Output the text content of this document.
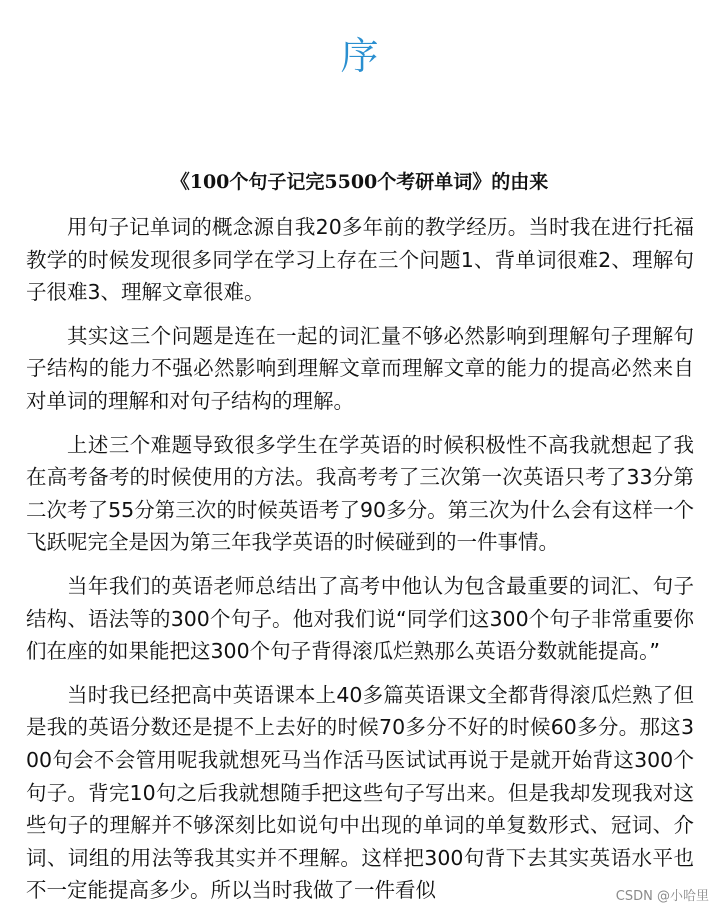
序
《100个句子记完5500个考研单词》的由来

用句子记单词的概念源自我20多年前的教学经历。当时我在进行托福教学的时候发现很多同学在学习上存在三个问题1、背单词很难2、理解句子很难3、理解文章很难。

其实这三个问题是连在一起的词汇量不够必然影响到理解句子理解句子结构的能力不强必然影响到理解文章而理解文章的能力的提高必然来自对单词的理解和对句子结构的理解。

上述三个难题导致很多学生在学英语的时候积极性不高我就想起了我在高考备考的时候使用的方法。我高考考了三次第一次英语只考了33分第二次考了55分第三次的时候英语考了90多分。第三次为什么会有这样一个飞跃呢完全是因为第三年我学英语的时候碰到的一件事情。

当年我们的英语老师总结出了高考中他认为包含最重要的词汇、句子结构、语法等的300个句子。他对我们说“同学们这300个句子非常重要你们在座的如果能把这300个句子背得滚瓜烂熟那么英语分数就能提高。”

当时我已经把高中英语课本上40多篇英语课文全都背得滚瓜烂熟了但是我的英语分数还是提不上去好的时候70多分不好的时候60多分。那这300句会不会管用呢我就想死马当作活马医试试再说于是就开始背这300个句子。背完10句之后我就想随手把这些句子写出来。但是我却发现我对这些句子的理解并不够深刻比如说句中出现的单词的单复数形式、冠词、介词、词组的用法等我其实并不理解。这样把300句背下去其实英语水平也不一定能提高多少。所以当时我做了一件看似	CSDN @小哈里
